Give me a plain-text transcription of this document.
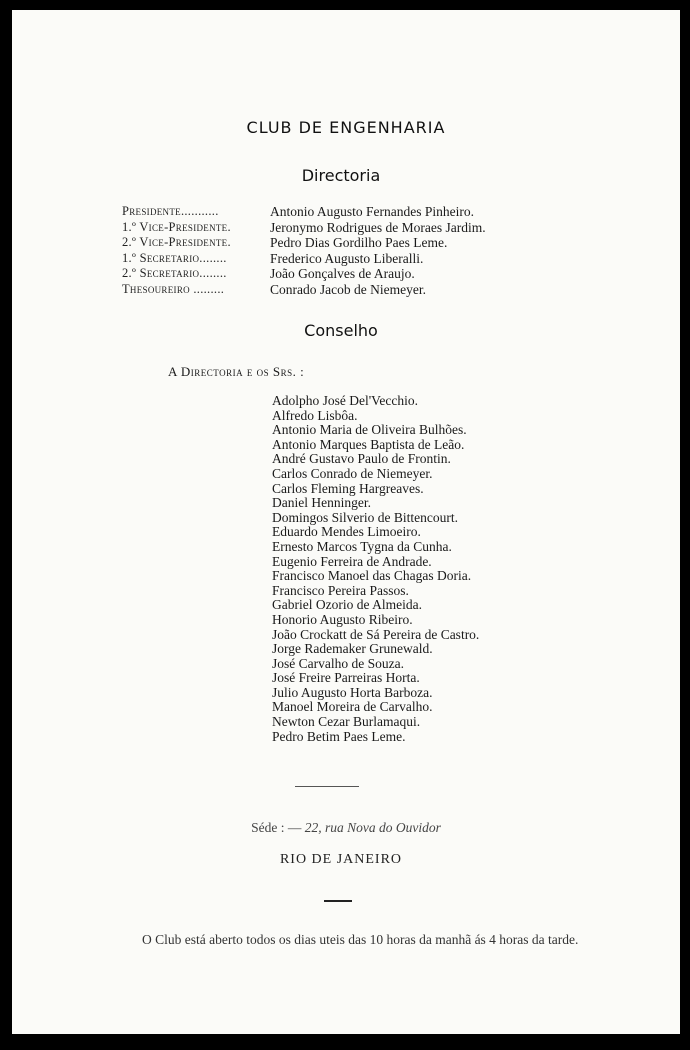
CLUB DE ENGENHARIA
Directoria
Presidente...........	Antonio Augusto Fernandes Pinheiro.
1.º Vice-Presidente.	Jeronymo Rodrigues de Moraes Jardim.
2.º Vice-Presidente.	Pedro Dias Gordilho Paes Leme.
1.º Secretario........	Frederico Augusto Liberalli.
2.º Secretario........	João Gonçalves de Araujo.
Thesoureiro .........	Conrado Jacob de Niemeyer.
Conselho
A Directoria e os Srs. :
Adolpho José Del'Vecchio.
Alfredo Lisbôa.
Antonio Maria de Oliveira Bulhões.
Antonio Marques Baptista de Leão.
André Gustavo Paulo de Frontin.
Carlos Conrado de Niemeyer.
Carlos Fleming Hargreaves.
Daniel Henninger.
Domingos Silverio de Bittencourt.
Eduardo Mendes Limoeiro.
Ernesto Marcos Tygna da Cunha.
Eugenio Ferreira de Andrade.
Francisco Manoel das Chagas Doria.
Francisco Pereira Passos.
Gabriel Ozorio de Almeida.
Honorio Augusto Ribeiro.
João Crockatt de Sá Pereira de Castro.
Jorge Rademaker Grunewald.
José Carvalho de Souza.
José Freire Parreiras Horta.
Julio Augusto Horta Barboza.
Manoel Moreira de Carvalho.
Newton Cezar Burlamaqui.
Pedro Betim Paes Leme.
Séde : — 22, rua Nova do Ouvidor
RIO DE JANEIRO
O Club está aberto todos os dias uteis das 10 horas da manhã ás 4 horas da tarde.
